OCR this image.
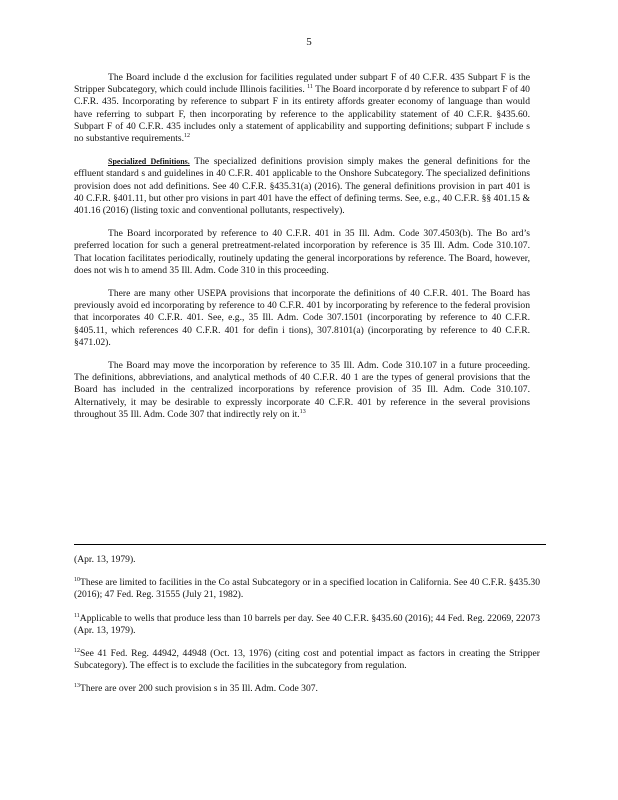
5

The Board include d the exclusion for facilities regulated under subpart F of 40 C.F.R. 435 Subpart F is the Stripper Subcategory, which could include Illinois facilities. $^{11}$ The Board incorporate d by reference to subpart F of 40 C.F.R. 435. Incorporating by reference to subpart F in its entirety affords greater economy of language than would have referring to subpart F, then incorporating by reference to the applicability statement of 40 C.F.R. §435.60. Subpart F of 40 C.F.R. 435 includes only a statement of applicability and supporting definitions; subpart F include s no substantive requirements.$^{12}$

Specialized Definitions. The specialized definitions provision simply makes the general definitions for the effluent standard s and guidelines in 40 C.F.R. 401 applicable to the Onshore Subcategory. The specialized definitions provision does not add definitions. See 40 C.F.R. §435.31(a) (2016). The general definitions provision in part 401 is 40 C.F.R. §401.11, but other pro visions in part 401 have the effect of defining terms. See, e.g., 40 C.F.R. §§ 401.15 & 401.16 (2016) (listing toxic and conventional pollutants, respectively).

The Board incorporated by reference to 40 C.F.R. 401 in 35 Ill. Adm. Code 307.4503(b). The Bo ard’s preferred location for such a general pretreatment-related incorporation by reference is 35 Ill. Adm. Code 310.107. That location facilitates periodically, routinely updating the general incorporations by reference. The Board, however, does not wis h to amend 35 Ill. Adm. Code 310 in this proceeding.

There are many other USEPA provisions that incorporate the definitions of 40 C.F.R. 401. The Board has previously avoid ed incorporating by reference to 40 C.F.R. 401 by incorporating by reference to the federal provision that incorporates 40 C.F.R. 401. See, e.g., 35 Ill. Adm. Code 307.1501 (incorporating by reference to 40 C.F.R. §405.11, which references 40 C.F.R. 401 for defin i tions), 307.8101(a) (incorporating by reference to 40 C.F.R. §471.02).

The Board may move the incorporation by reference to 35 Ill. Adm. Code 310.107 in a future proceeding. The definitions, abbreviations, and analytical methods of 40 C.F.R. 40 1 are the types of general provisions that the Board has included in the centralized incorporations by reference provision of 35 Ill. Adm. Code 310.107. Alternatively, it may be desirable to expressly incorporate 40 C.F.R. 401 by reference in the several provisions throughout 35 Ill. Adm. Code 307 that indirectly rely on it.$^{13}$

(Apr. 13, 1979).

$^{10}$These are limited to facilities in the Co astal Subcategory or in a specified location in California. See 40 C.F.R. §435.30 (2016); 47 Fed. Reg. 31555 (July 21, 1982).

$^{11}$Applicable to wells that produce less than 10 barrels per day. See 40 C.F.R. §435.60 (2016); 44 Fed. Reg. 22069, 22073 (Apr. 13, 1979).

$^{12}$See 41 Fed. Reg. 44942, 44948 (Oct. 13, 1976) (citing cost and potential impact as factors in creating the Stripper Subcategory). The effect is to exclude the facilities in the subcategory from regulation.

$^{13}$There are over 200 such provision s in 35 Ill. Adm. Code 307.
